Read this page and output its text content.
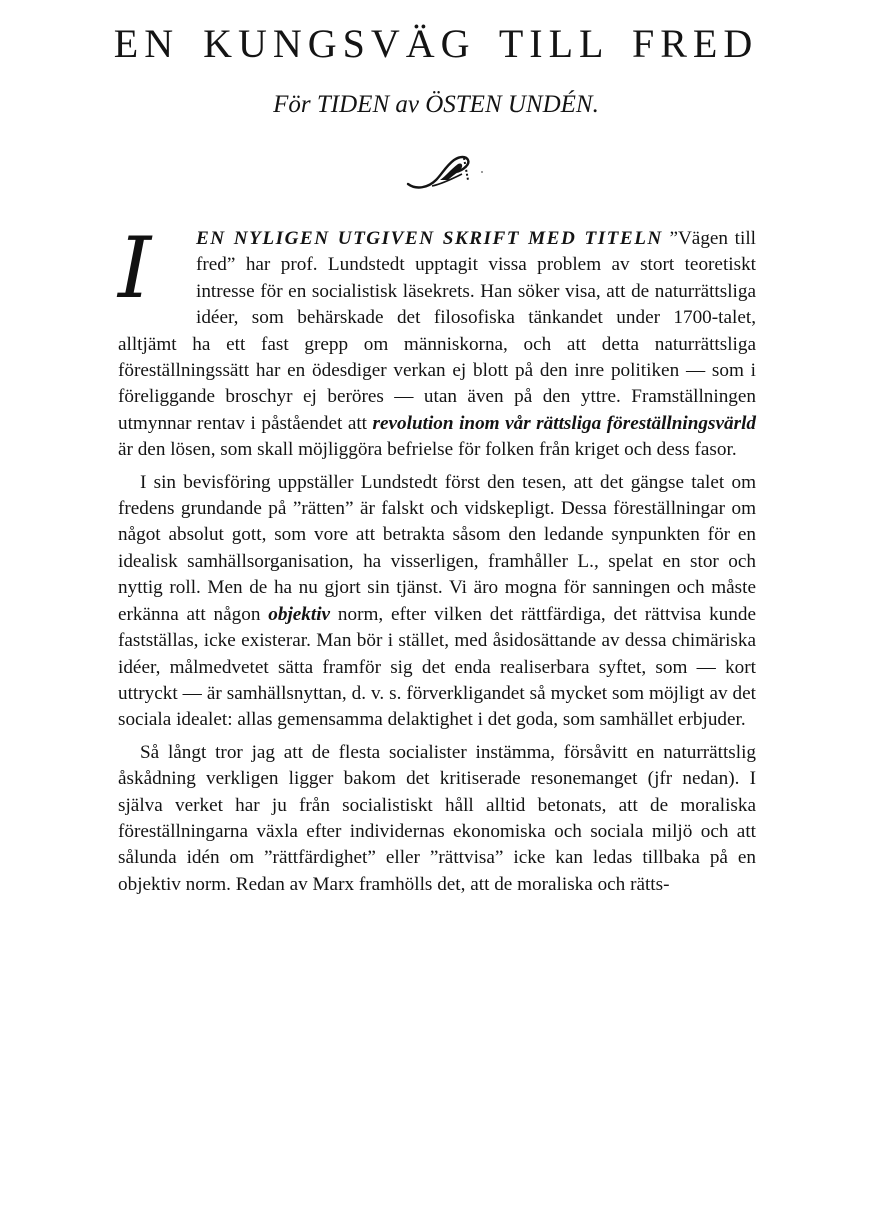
EN KUNGSVÄG TILL FRED

För TIDEN av ÖSTEN UNDÉN.

I	EN NYLIGEN UTGIVEN SKRIFT MED TITELN ”Vägen till fred” har prof. Lundstedt upptagit vissa problem av stort teoretiskt intresse för en socialistisk läsekrets. Han söker visa, att de naturrättsliga idéer, som behärskade det filosofiska tänkandet under 1700-talet, alltjämt ha ett fast grepp om människorna, och att detta naturrättsliga föreställningssätt har en ödesdiger verkan ej blott på den inre politiken — som i föreliggande broschyr ej beröres — utan även på den yttre. Framställningen utmynnar rentav i påståendet att revolution inom vår rättsliga föreställningsvärld är den lösen, som skall möjliggöra befrielse för folken från kriget och dess fasor.

I sin bevisföring uppställer Lundstedt först den tesen, att det gängse talet om fredens grundande på ”rätten” är falskt och vidskepligt. Dessa föreställningar om något absolut gott, som vore att betrakta såsom den ledande synpunkten för en idealisk samhällsorganisation, ha visserligen, framhåller L., spelat en stor och nyttig roll. Men de ha nu gjort sin tjänst. Vi äro mogna för sanningen och måste erkänna att någon objektiv norm, efter vilken det rättfärdiga, det rättvisa kunde fastställas, icke existerar. Man bör i stället, med åsidosättande av dessa chimäriska idéer, målmedvetet sätta framför sig det enda realiserbara syftet, som — kort uttryckt — är samhällsnyttan, d. v. s. förverkligandet så mycket som möjligt av det sociala idealet: allas gemensamma delaktighet i det goda, som samhället erbjuder.

Så långt tror jag att de flesta socialister instämma, försåvitt en naturrättslig åskådning verkligen ligger bakom det kritiserade resonemanget (jfr nedan). I själva verket har ju från socialistiskt håll alltid betonats, att de moraliska föreställningarna växla efter individernas ekonomiska och sociala miljö och att sålunda idén om ”rättfärdighet” eller ”rättvisa” icke kan ledas tillbaka på en objektiv norm. Redan av Marx framhölls det, att de moraliska och rätts-
